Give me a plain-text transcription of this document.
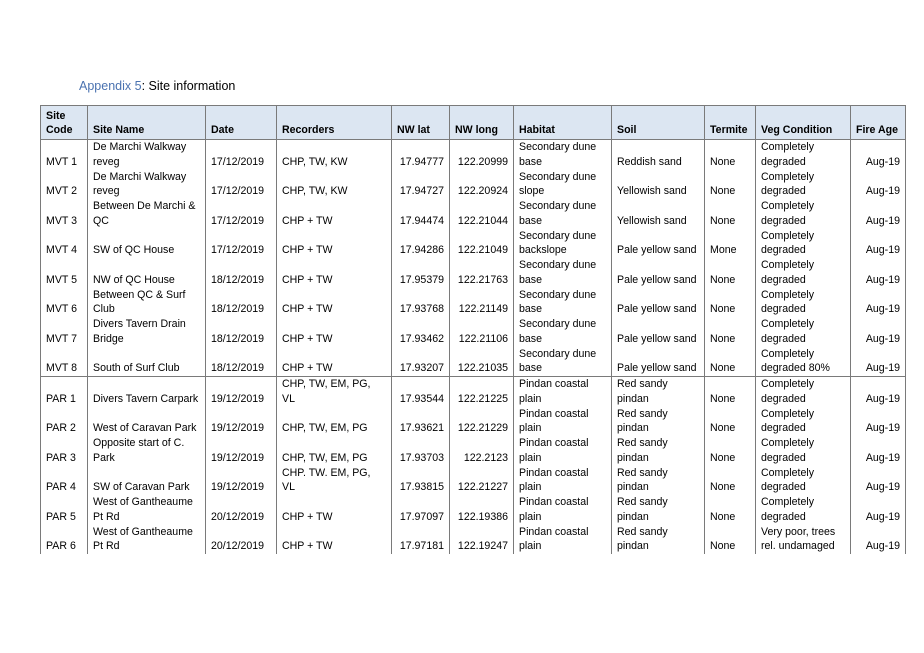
Appendix 5: Site information
Site Code	Site Name	Date	Recorders	NW lat	NW long	Habitat	Soil	Termite	Veg Condition	Fire Age
MVT 1	De Marchi Walkway reveg	17/12/2019	CHP, TW, KW	17.94777	122.20999	Secondary dune base	Reddish sand	None	Completely degraded	Aug-19
MVT 2	De Marchi Walkway reveg	17/12/2019	CHP, TW, KW	17.94727	122.20924	Secondary dune slope	Yellowish sand	None	Completely degraded	Aug-19
MVT 3	Between De Marchi & QC	17/12/2019	CHP + TW	17.94474	122.21044	Secondary dune base	Yellowish sand	None	Completely degraded	Aug-19
MVT 4	SW of QC House	17/12/2019	CHP + TW	17.94286	122.21049	Secondary dune backslope	Pale yellow sand	Mone	Completely degraded	Aug-19
MVT 5	NW of QC House	18/12/2019	CHP + TW	17.95379	122.21763	Secondary dune base	Pale yellow sand	None	Completely degraded	Aug-19
MVT 6	Between QC & Surf Club	18/12/2019	CHP + TW	17.93768	122.21149	Secondary dune base	Pale yellow sand	None	Completely degraded	Aug-19
MVT 7	Divers Tavern Drain Bridge	18/12/2019	CHP + TW	17.93462	122.21106	Secondary dune base	Pale yellow sand	None	Completely degraded	Aug-19
MVT 8	South of Surf Club	18/12/2019	CHP + TW	17.93207	122.21035	Secondary dune base	Pale yellow sand	None	Completely degraded 80%	Aug-19
PAR 1	Divers Tavern Carpark	19/12/2019	CHP, TW, EM, PG, VL	17.93544	122.21225	Pindan coastal plain	Red sandy pindan	None	Completely degraded	Aug-19
PAR 2	West of Caravan Park	19/12/2019	CHP, TW, EM, PG	17.93621	122.21229	Pindan coastal plain	Red sandy pindan	None	Completely degraded	Aug-19
PAR 3	Opposite start of C. Park	19/12/2019	CHP, TW, EM, PG	17.93703	122.2123	Pindan coastal plain	Red sandy pindan	None	Completely degraded	Aug-19
PAR 4	SW of Caravan Park	19/12/2019	CHP. TW. EM, PG, VL	17.93815	122.21227	Pindan coastal plain	Red sandy pindan	None	Completely degraded	Aug-19
PAR 5	West of Gantheaume Pt Rd	20/12/2019	CHP + TW	17.97097	122.19386	Pindan coastal plain	Red sandy pindan	None	Completely degraded	Aug-19
PAR 6	West of Gantheaume Pt Rd	20/12/2019	CHP + TW	17.97181	122.19247	Pindan coastal plain	Red sandy pindan	None	Very poor, trees rel. undamaged	Aug-19
